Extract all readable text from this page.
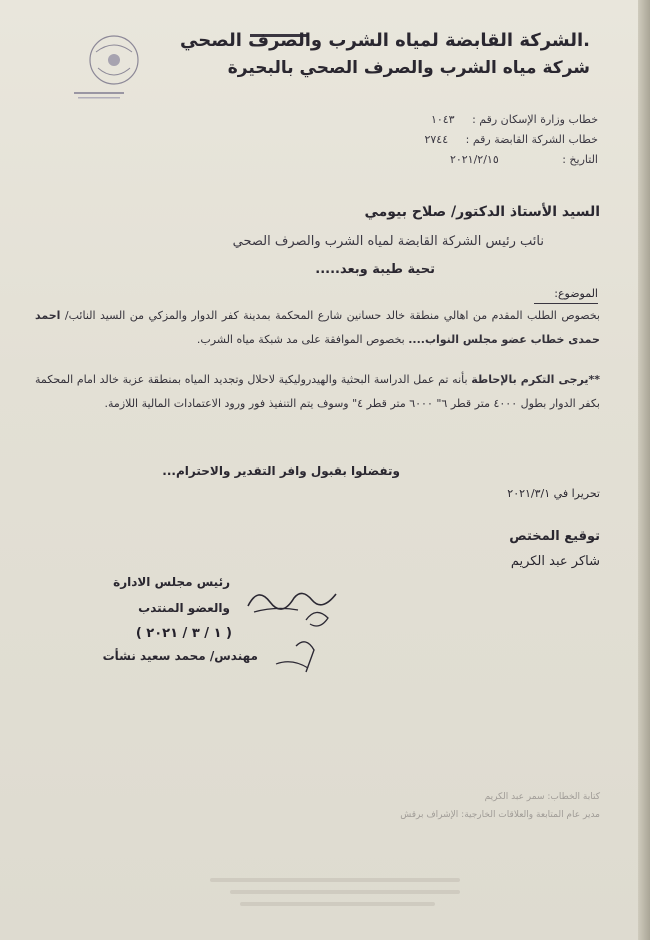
.الشركة القابضة لمياه الشرب والصرف الصحي
شركة مياه الشرب والصرف الصحي بالبحيرة
خطاب وزارة الإسكان رقم : ١٠٤٣
خطاب الشركة القابضة رقم : ٢٧٤٤
التاريخ : ٢٠٢١/٢/١٥
السيد الأستاذ الدكتور/ صلاح بيومي
نائب رئيس الشركة القابضة لمياه الشرب والصرف الصحي
تحية طيبة وبعد.....
الموضوع:
بخصوص الطلب المقدم من اهالي منطقة خالد حسانين شارع المحكمة بمدينة كفر الدوار والمزكي من السيد النائب/ احمد حمدى خطاب عضو مجلس النواب.... بخصوص الموافقة على مد شبكة مياه الشرب.
**يرجى التكرم بالإحاطة بأنه تم عمل الدراسة البحثية والهيدروليكية لاحلال وتجديد المياه بمنطقة عزبة خالد امام المحكمة بكفر الدوار بطول ٤٠٠٠ متر قطر ٦" ٦٠٠٠ متر قطر ٤" وسوف يتم التنفيذ فور ورود الاعتمادات المالية اللازمة.
وتفضلوا بقبول وافر التقدير والاحترام...
تحريرا في ٢٠٢١/٣/١
توقيع المختص
شاكر عبد الكريم
رئيس مجلس الادارة
والعضو المنتدب
( ١ / ٣ / ٢٠٢١ )
مهندس/ محمد سعيد نشأت
كتابة الخطاب: سمر عبد الكريم
مدير عام المتابعة والعلاقات الخارجية: الإشراف برقش
